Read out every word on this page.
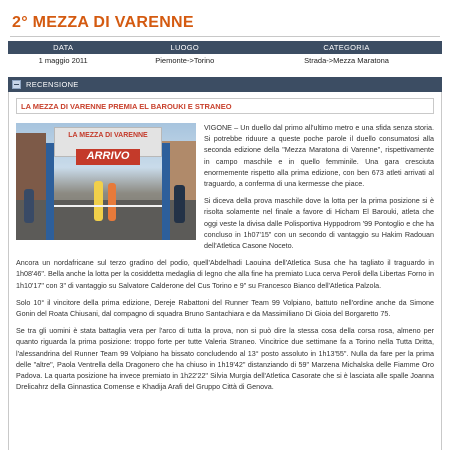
2° MEZZA DI VARENNE
DATA	LUOGO	CATEGORIA
1 maggio 2011	Piemonte->Torino	Strada->Mezza Maratona
RECENSIONE
LA MEZZA DI VARENNE PREMIA EL BAROUKI E STRANEO
LA MEZZA DI VARENNE
ARRIVO

VIGONE – Un duello dal primo all'ultimo metro e una sfida senza storia. Si potrebbe riduure a queste poche parole il duello consumatosi alla seconda edizione della "Mezza Maratona di Varenne", rispettivamente in campo maschile e in quello femminile. Una gara cresciuta enormemente rispetto alla prima edizione, con ben 673 atleti arrivati al traguardo, a conferma di una kermesse che piace.

Si diceva della prova maschile dove la lotta per la prima posizione si è risolta solamente nel finale a favore di Hicham El Barouki, atleta che oggi veste la divisa dalle Polisportiva Hyppodrom '99 Pontoglio e che ha concluso in 1h07'15" con un secondo di vantaggio su Hakim Radouan dell'Atletica Casone Noceto.

Ancora un nordafricane sul terzo gradino del podio, quell'Abdelhadi Laouina dell'Atletica Susa che ha tagliato il traguardo in 1h08'46". Bella anche la lotta per la cosiddetta medaglia di legno che alla fine ha premiato Luca cerva Peroli della Libertas Forno in 1h10'17" con 3" di vantaggio su Salvatore Calderone del Cus Torino e 9" su Francesco Bianco dell'Atletica Palzola.

Solo 10° il vincitore della prima edizione, Dereje Rabattoni del Runner Team 99 Volpiano, battuto nell'ordine anche da Simone Gonin del Roata Chiusani, dal compagno di squadra Bruno Santachiara e da Massimiliano Di Gioia del Borgaretto 75.

Se tra gli uomini è stata battaglia vera per l'arco di tutta la prova, non si può dire la stessa cosa della corsa rosa, almeno per quanto riguarda la prima posizione: troppo forte per tutte Valeria Straneo. Vincitrice due settimane fa a Torino nella Tutta Dritta, l'alessandrina del Runner Team 99 Volpiano ha bissato concludendo al 13° posto assoluto in 1h13'55". Nulla da fare per la prima delle "altre", Paola Ventrella della Dragonero che ha chiuso in 1h19'42" distanziando di 59" Marzena Michalska delle Fiamme Oro Padova. La quarta posizione ha invece premiato in 1h22'22" Silvia Murgia dell'Atletica Casorate che si è lasciata alle spalle Joanna Drelicahrz della Ginnastica Comense e Khadija Arafi del Gruppo Città di Genova.
